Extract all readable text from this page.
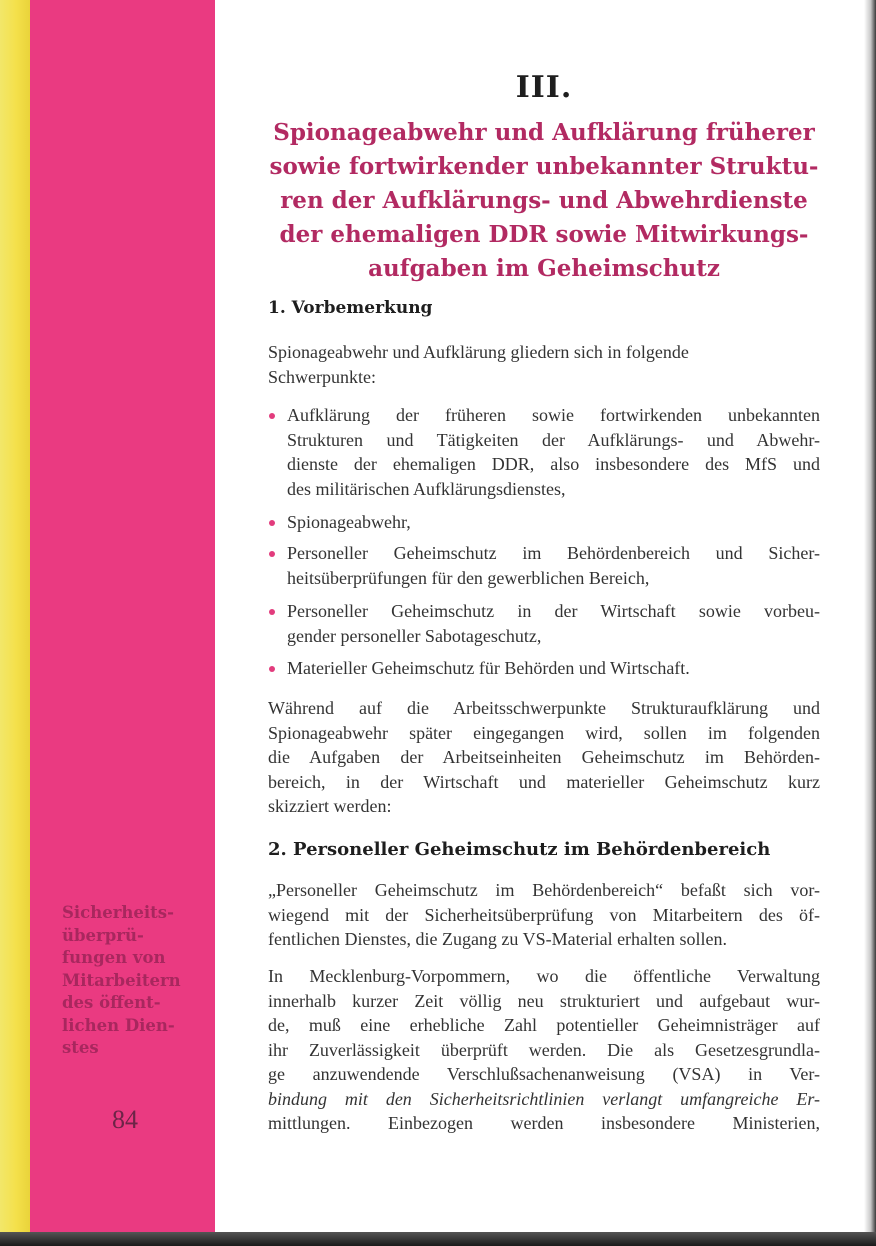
Sicherheits-
überprü-
fungen von
Mitarbeitern
des öffent-
lichen Dien-
stes
84
III.
Spionageabwehr und Aufklärung früherer
sowie fortwirkender unbekannter Struktu-
ren der Aufklärungs- und Abwehrdienste
der ehemaligen DDR sowie Mitwirkungs-
aufgaben im Geheimschutz
1. Vorbemerkung

Spionageabwehr und Aufklärung gliedern sich in folgende
Schwerpunkte:

Aufklärung der früheren sowie fortwirkenden unbekannten
Strukturen und Tätigkeiten der Aufklärungs- und Abwehr-
dienste der ehemaligen DDR, also insbesondere des MfS und
des militärischen Aufklärungsdienstes,
Spionageabwehr,
Personeller Geheimschutz im Behördenbereich und Sicher-
heitsüberprüfungen für den gewerblichen Bereich,
Personeller Geheimschutz in der Wirtschaft sowie vorbeu-
gender personeller Sabotageschutz,
Materieller Geheimschutz für Behörden und Wirtschaft.

Während auf die Arbeitsschwerpunkte Strukturaufklärung und
Spionageabwehr später eingegangen wird, sollen im folgenden
die Aufgaben der Arbeitseinheiten Geheimschutz im Behörden-
bereich, in der Wirtschaft und materieller Geheimschutz kurz
skizziert werden:

2. Personeller Geheimschutz im Behördenbereich

„Personeller Geheimschutz im Behördenbereich“ befaßt sich vor-
wiegend mit der Sicherheitsüberprüfung von Mitarbeitern des öf-
fentlichen Dienstes, die Zugang zu VS-Material erhalten sollen.

In Mecklenburg-Vorpommern, wo die öffentliche Verwaltung
innerhalb kurzer Zeit völlig neu strukturiert und aufgebaut wur-
de, muß eine erhebliche Zahl potentieller Geheimnisträger auf
ihr Zuverlässigkeit überprüft werden. Die als Gesetzesgrundla-
ge anzuwendende Verschlußsachenanweisung (VSA) in Ver-
bindung mit den Sicherheitsrichtlinien verlangt umfangreiche Er-
mittlungen. Einbezogen werden insbesondere Ministerien,
